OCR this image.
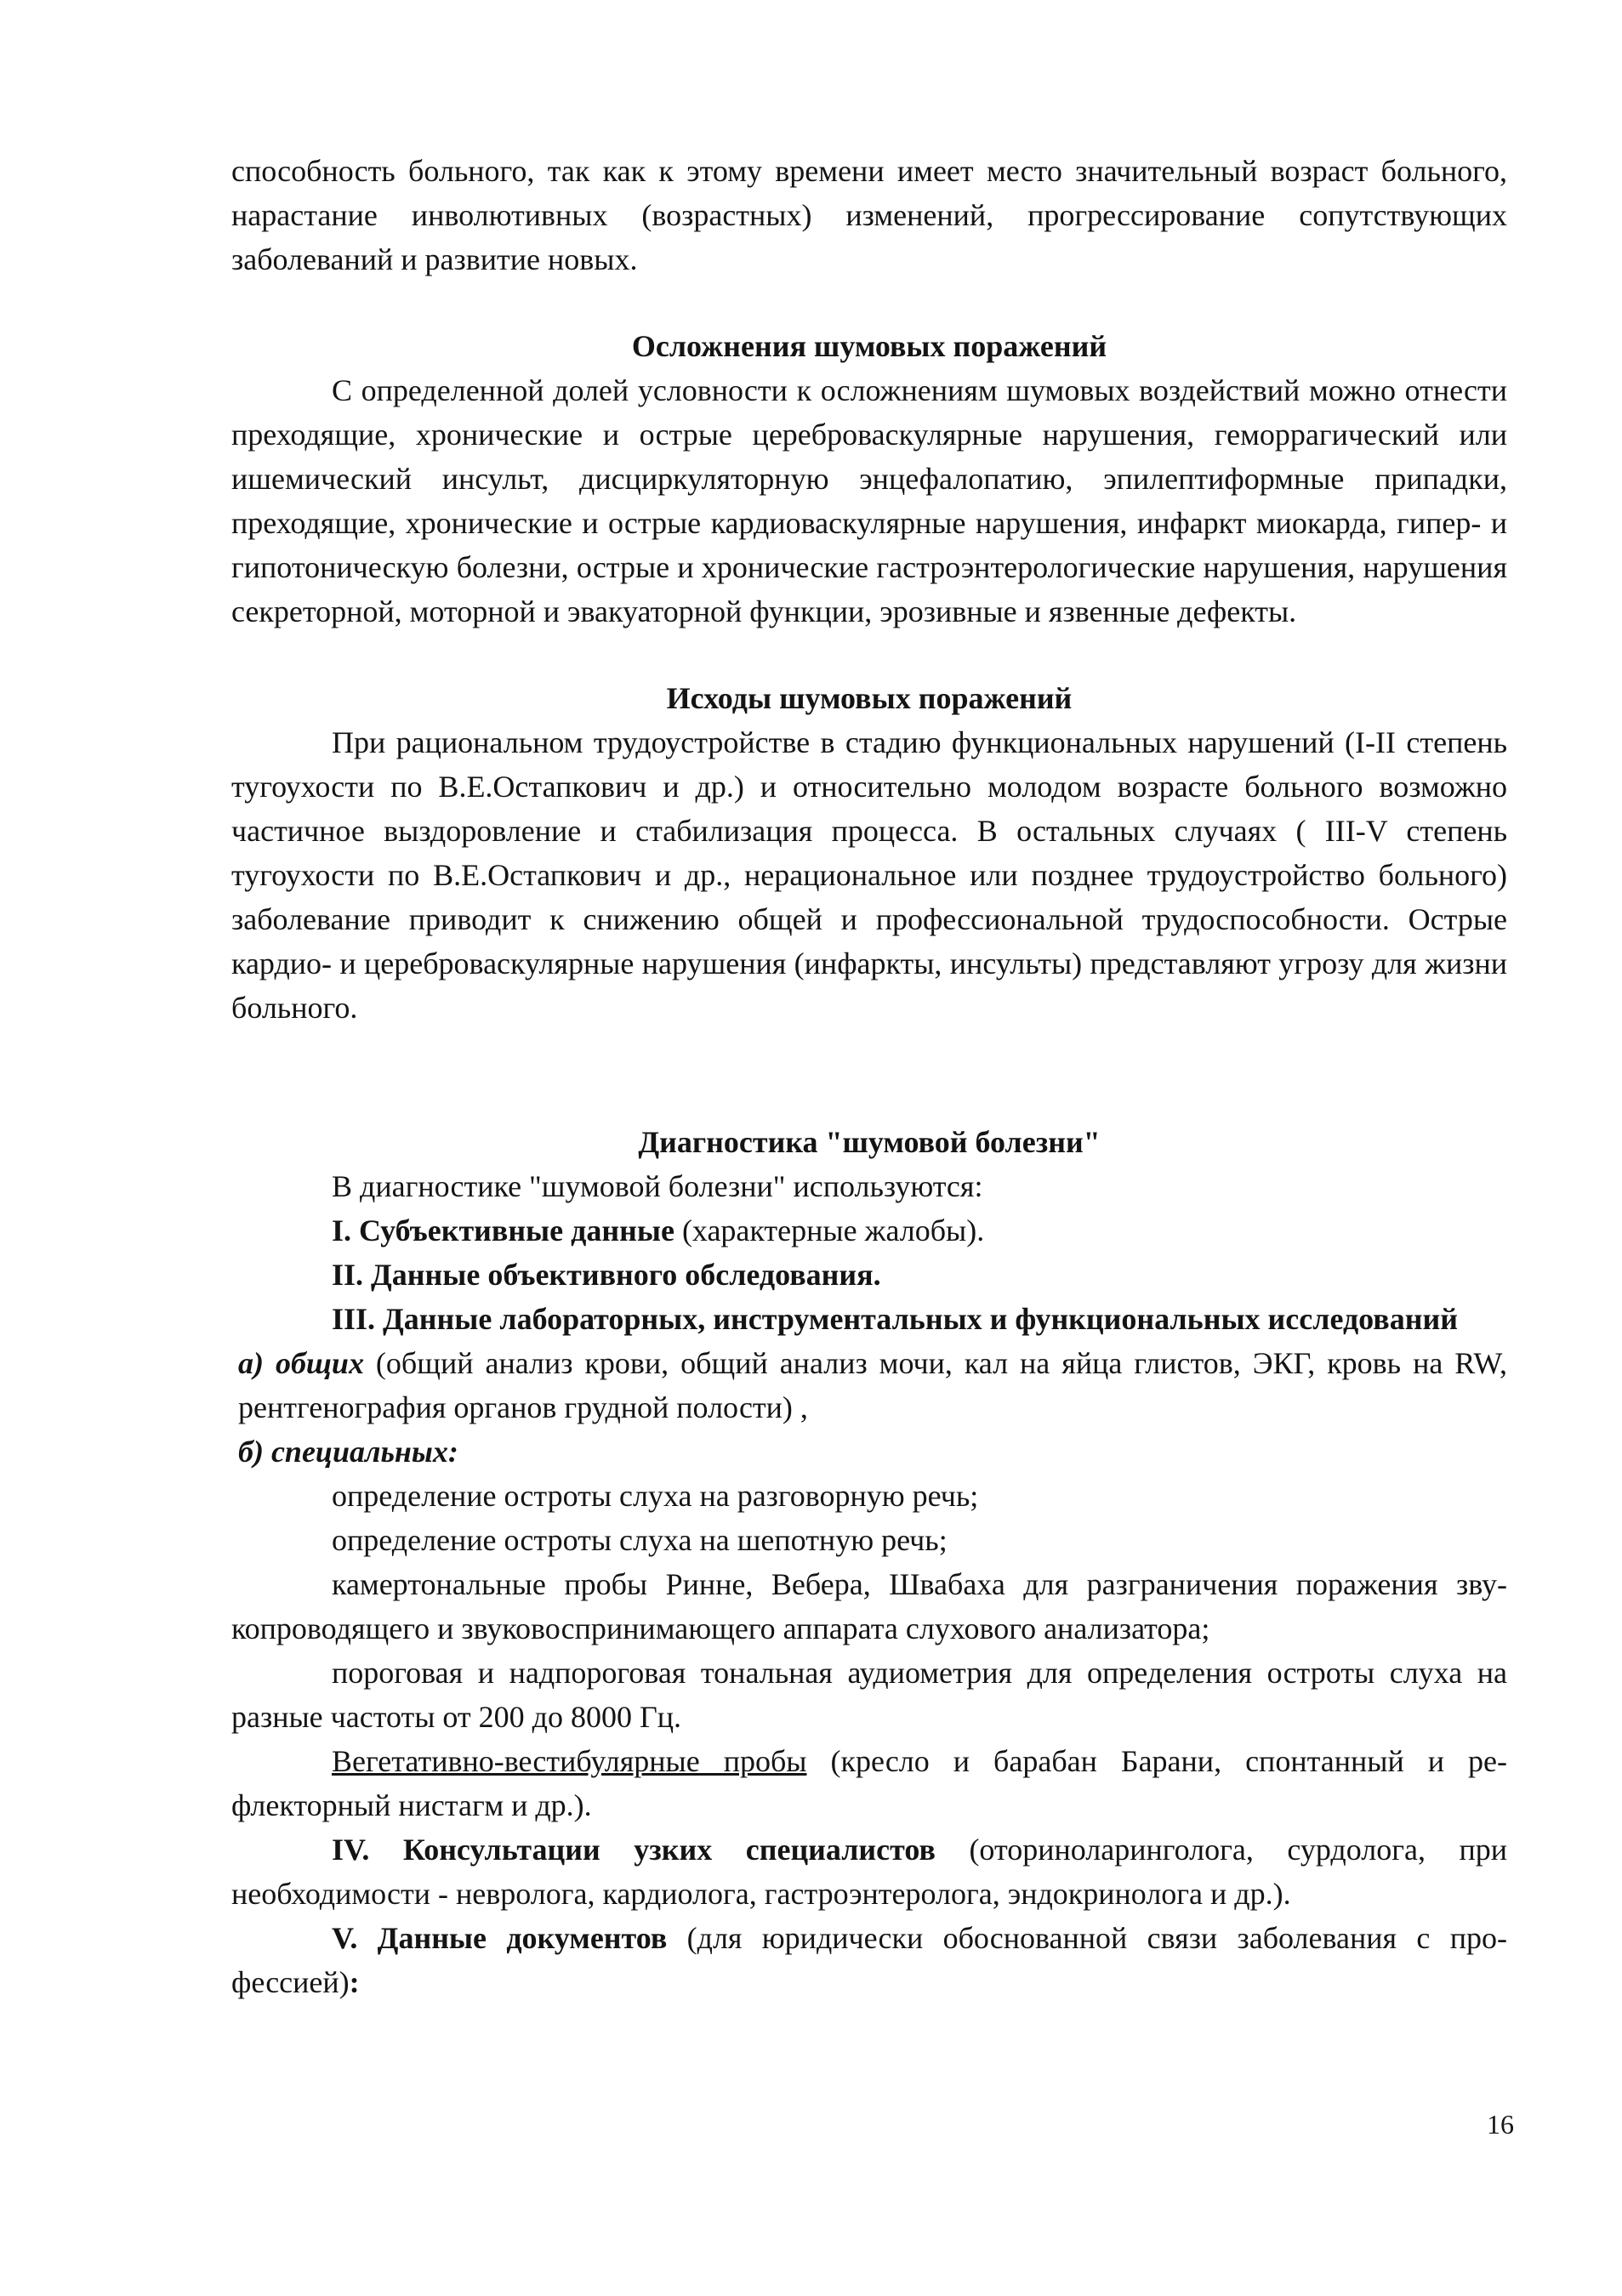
способность больного, так как к этому времени имеет место значительный возраст больного, нарастание инволютивных (возрастных) изменений, прогрессирование сопутствующих заболеваний и развитие новых.

Осложнения шумовых поражений

С определенной долей условности к осложнениям шумовых воздействий можно отнести преходящие, хронические и острые цереброваскулярные нарушения, геморрагический или ишемический инсульт, дисциркуляторную энцефалопатию, эпилептиформные припадки, преходящие, хронические и острые кардиоваскулярные нарушения, инфаркт миокарда, гипер- и гипотоническую болезни, острые и хронические гастроэнтерологические нарушения, нарушения секреторной, моторной и эвакуаторной функции, эрозивные и язвенные дефекты.

Исходы шумовых поражений

При рациональном трудоустройстве в стадию функциональных нарушений (I-II степень тугоухости по В.Е.Остапкович и др.) и относительно молодом возрасте больного возможно частичное выздоровление и стабилизация процесса. В остальных случаях ( III-V степень тугоухости по В.Е.Остапкович и др., нерациональное или позднее трудоустройство больного) заболевание приводит к снижению общей и профессиональной трудоспособности. Острые кардио- и цереброваскулярные нарушения (инфаркты, инсульты) представляют угрозу для жизни больного.

Диагностика "шумовой болезни"

В диагностике "шумовой болезни" используются:

I. Субъективные данные (характерные жалобы).

II. Данные объективного обследования.

III. Данные лабораторных, инструментальных и функциональных исследований

а) общих (общий анализ крови, общий анализ мочи, кал на яйца глистов, ЭКГ, кровь на RW, рентгенография органов грудной полости) ,

б) специальных:

определение остроты слуха на разговорную речь;

определение остроты слуха на шепотную речь;

камертональные пробы Ринне, Вебера, Швабаха для разграничения поражения звукопроводящего и звуковоспринимающего аппарата слухового анализатора;

пороговая и надпороговая тональная аудиометрия для определения остроты слуха на разные частоты от 200 до 8000 Гц.

Вегетативно-вестибулярные пробы (кресло и барабан Барани, спонтанный и рефлекторный нистагм и др.).

IV. Консультации узких специалистов (оториноларинголога, сурдолога, при необходимости - невролога, кардиолога, гастроэнтеролога, эндокринолога и др.).

V. Данные документов (для юридически обоснованной связи заболевания с профессией):

16
